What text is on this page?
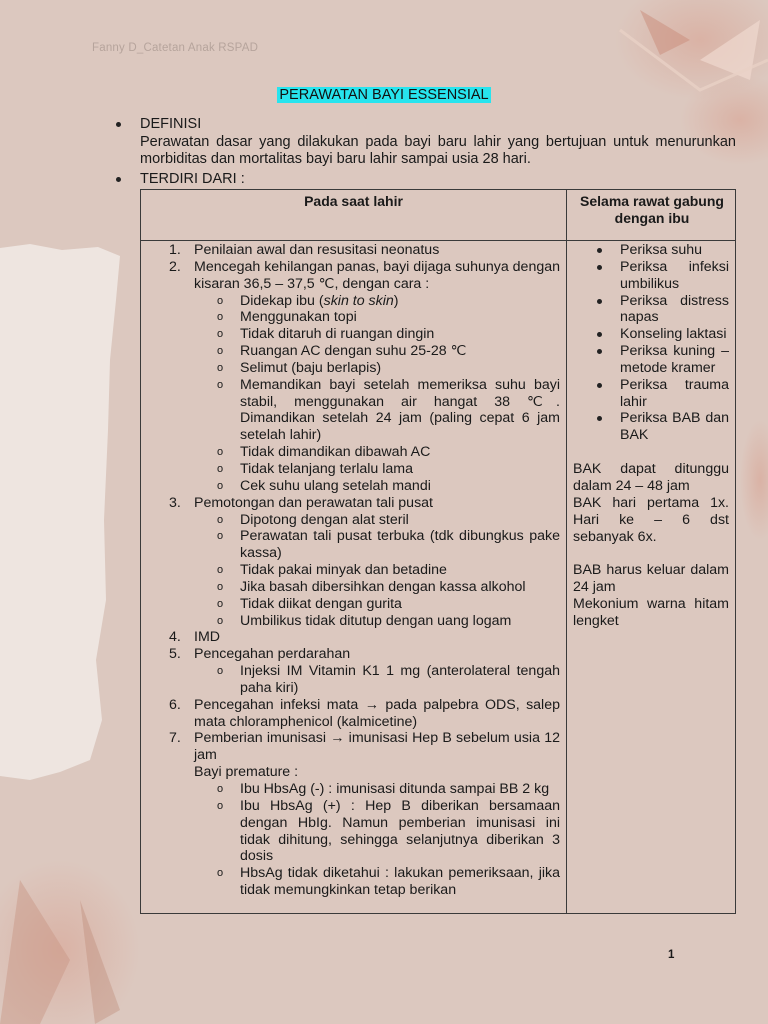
Fanny D_Catetan Anak RSPAD
PERAWATAN BAYI ESSENSIAL
DEFINISI
Perawatan dasar yang dilakukan pada bayi baru lahir yang bertujuan untuk menurunkan morbiditas dan mortalitas bayi baru lahir sampai usia 28 hari.
TERDIRI DARI :
Pada saat lahir	Selama rawat gabung dengan ibu
1. Penilaian awal dan resusitasi neonatus
2. Mencegah kehilangan panas, bayi dijaga suhunya dengan kisaran 36,5 – 37,5 ℃, dengan cara :
o Didekap ibu (skin to skin)
o Menggunakan topi
o Tidak ditaruh di ruangan dingin
o Ruangan AC dengan suhu 25-28 ℃
o Selimut (baju berlapis)
o Memandikan bayi setelah memeriksa suhu bayi stabil, menggunakan air hangat 38 ℃. Dimandikan setelah 24 jam (paling cepat 6 jam setelah lahir)
o Tidak dimandikan dibawah AC
o Tidak telanjang terlalu lama
o Cek suhu ulang setelah mandi
3. Pemotongan dan perawatan tali pusat
o Dipotong dengan alat steril
o Perawatan tali pusat terbuka (tdk dibungkus pake kassa)
o Tidak pakai minyak dan betadine
o Jika basah dibersihkan dengan kassa alkohol
o Tidak diikat dengan gurita
o Umbilikus tidak ditutup dengan uang logam
4. IMD
5. Pencegahan perdarahan
o Injeksi IM Vitamin K1 1 mg (anterolateral tengah paha kiri)
6. Pencegahan infeksi mata → pada palpebra ODS, salep mata chloramphenicol (kalmicetine)
7. Pemberian imunisasi → imunisasi Hep B sebelum usia 12 jam
Bayi premature :
o Ibu HbsAg (-) : imunisasi ditunda sampai BB 2 kg
o Ibu HbsAg (+) : Hep B diberikan bersamaan dengan HbIg. Namun pemberian imunisasi ini tidak dihitung, sehingga selanjutnya diberikan 3 dosis
o HbsAg tidak diketahui : lakukan pemeriksaan, jika tidak memungkinkan tetap berikan
Periksa suhu
Periksa infeksi umbilikus
Periksa distress napas
Konseling laktasi
Periksa kuning – metode kramer
Periksa trauma lahir
Periksa BAB dan BAK
BAK dapat ditunggu dalam 24 – 48 jam
BAK hari pertama 1x. Hari ke – 6 dst sebanyak 6x.
BAB harus keluar dalam 24 jam
Mekonium warna hitam lengket
1
